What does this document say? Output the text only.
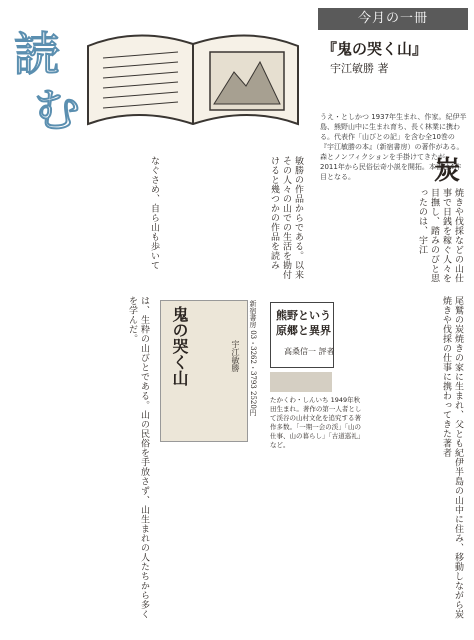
読
む
今月の一冊
『鬼の哭く山』
宇江敏勝 著
うえ・としかつ 1937年生まれ、作家。紀伊半島、熊野山中に生まれ育ち、長く林業に携わる。代表作「山びとの記」を含む全10巻の『宇江敏勝の本』（新宿書房）の著作がある。森とノンフィクションを手掛けてきたが、2011年から民俗伝奇小説を開拓。本書は4作目となる。	炭
焼きや伐採などの山仕事で日銭を稼ぐ人々を目撫し、踏みのびと思ったのは、宇江
敏勝の作品からである。以来その人々の山での生活を勘付けると幾つかの作品を読み
なぐさめ、自ら山も歩いて
尾鷲の炭焼きの家に生まれ、父とも紀伊半島の山中に住み、移動しながら炭焼きや伐採の仕事に携わってきた著者
は、生粋の山びとである。山の民俗を手放さず、山生まれの人たちから多くを学んだ。	鬼の哭く山	宇江敏勝 新宿書房 03・3262・3793 2520円 熊野という
原郷と異界
高桑信一 評者
たかくわ・しんいち 1949年秋田生まれ。著作の第一人者として渓谷の山村文化を追究する著作多数。「一期一会の渓」「山の仕事、山の暮らし」「古道巡礼」など。
